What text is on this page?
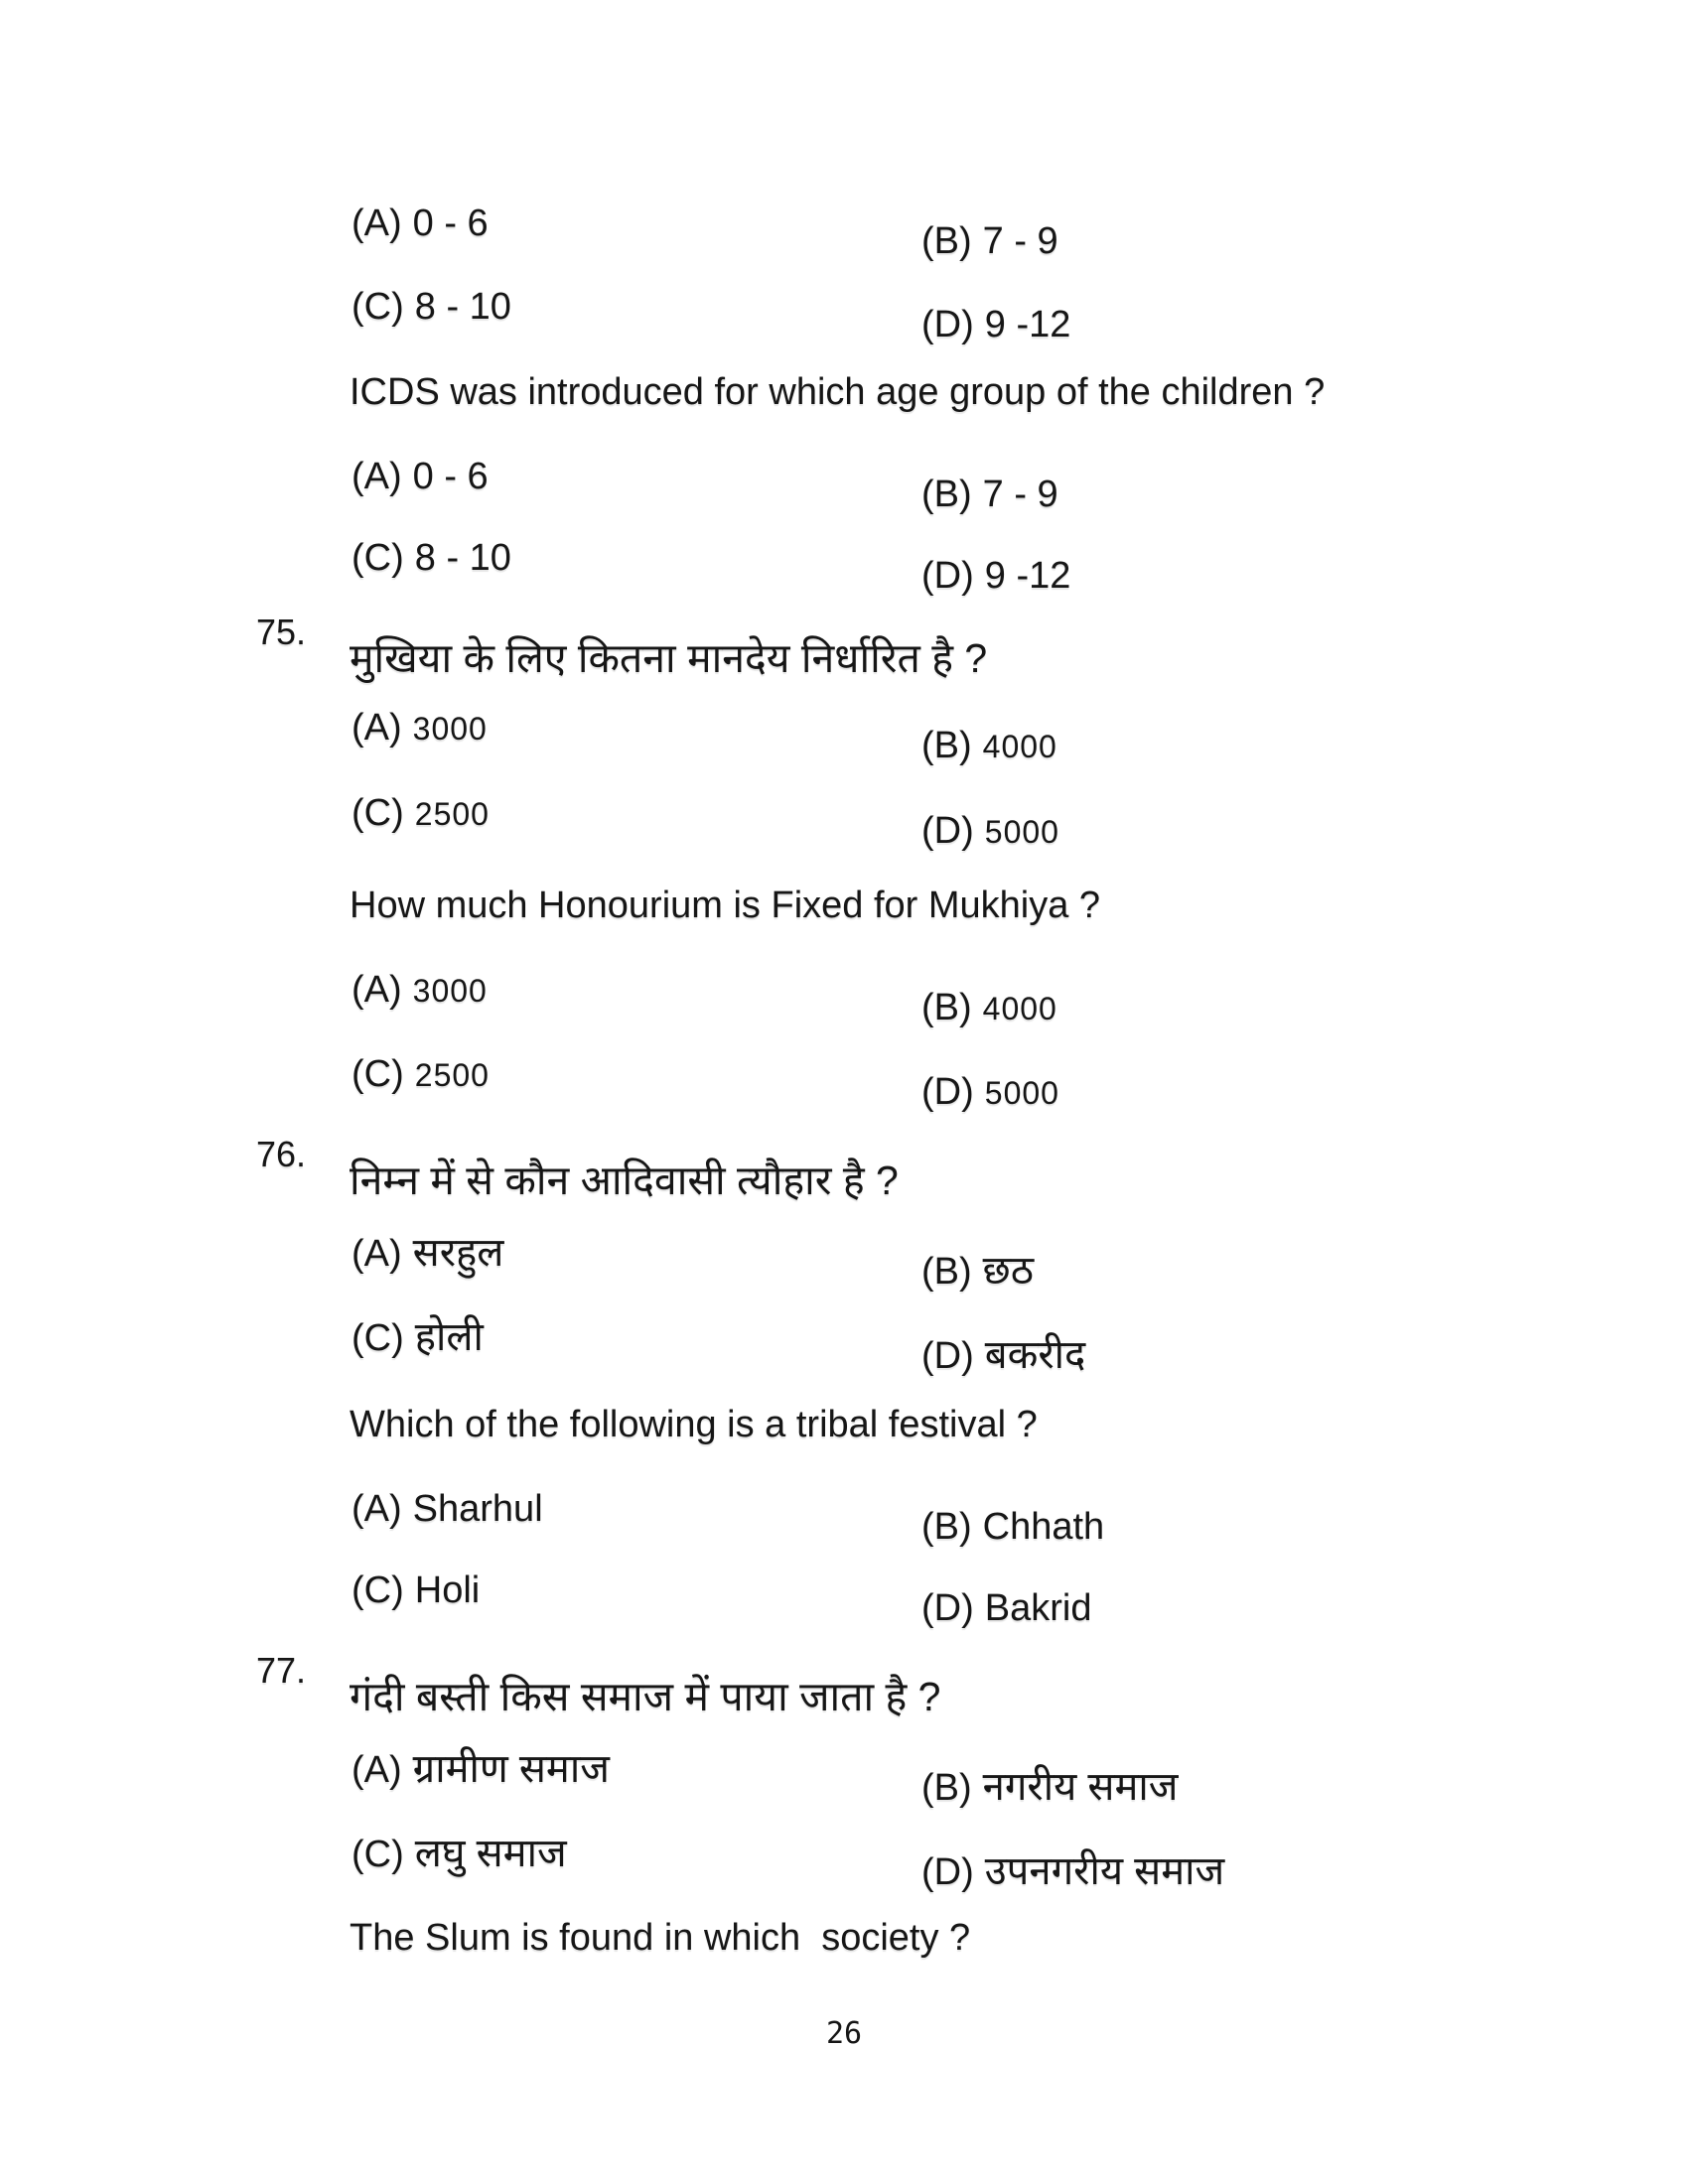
(A) 0 - 6

	(B) 7 - 9

(C) 8 - 10

	(D) 9 -12

ICDS was introduced for which age group of the children ?

(A) 0 - 6

	(B) 7 - 9

(C) 8 - 10

	(D) 9 -12

75.

मुखिया के लिए कितना मानदेय निर्धारित है ?

(A) 3000

	(B) 4000

(C) 2500

	(D) 5000

How much Honourium is Fixed for Mukhiya ?

(A) 3000

	(B) 4000

(C) 2500

	(D) 5000

76.

निम्न में से कौन आदिवासी त्यौहार है ?

(A) सरहुल

	(B) छठ

(C) होली

	(D) बकरीद

Which of the following is a tribal festival ?

(A) Sharhul

	(B) Chhath

(C) Holi

	(D) Bakrid

77.

गंदी बस्ती किस समाज में पाया जाता है ?

(A) ग्रामीण समाज

	(B) नगरीय समाज

(C) लघु समाज

	(D) उपनगरीय समाज

The Slum is found in which  society ?

26
